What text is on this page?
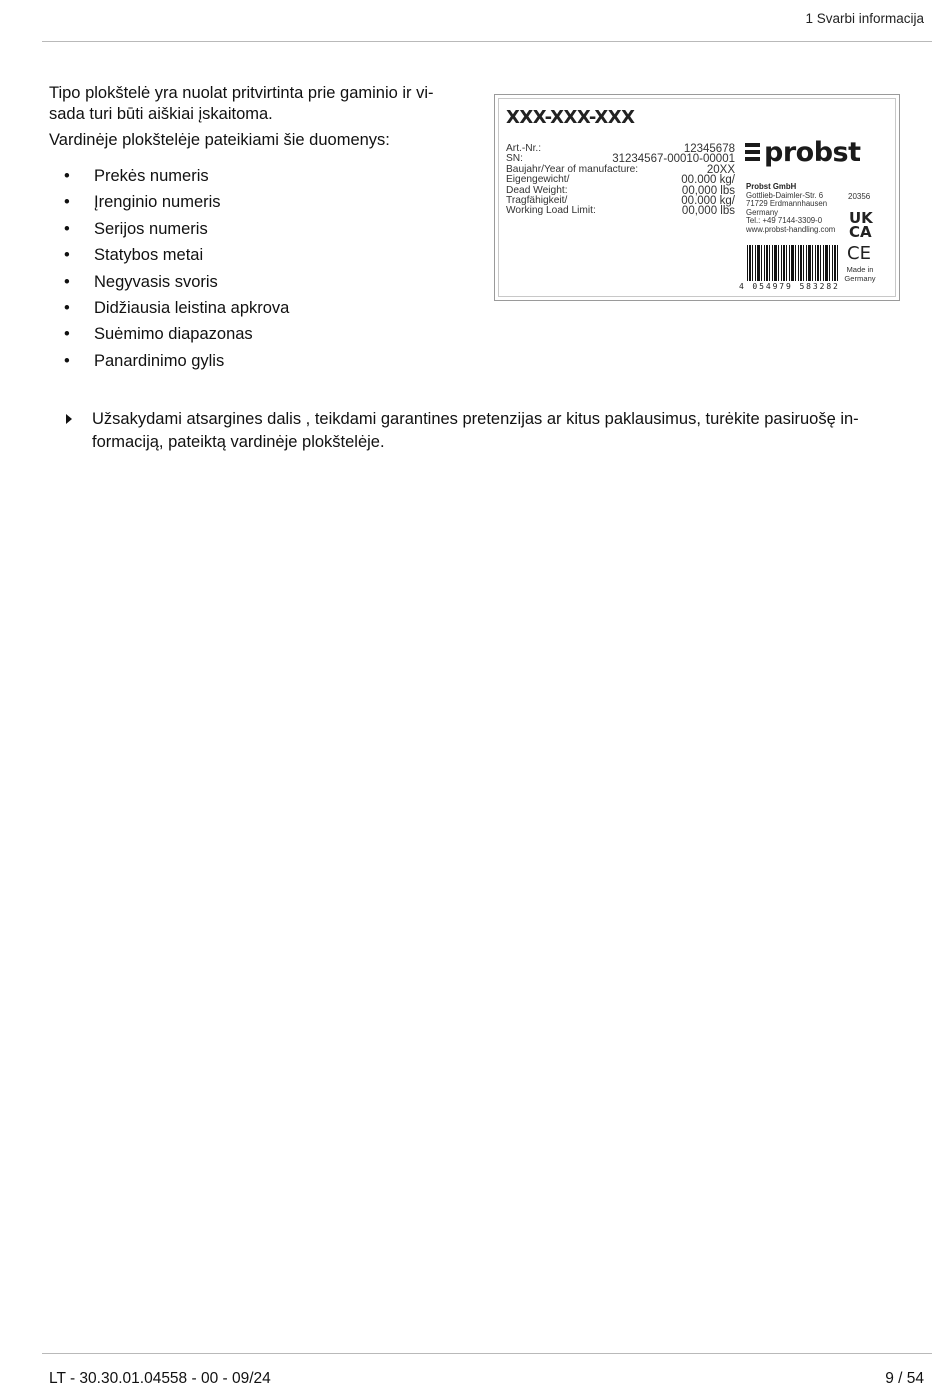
1 Svarbi informacija
Tipo plokštelė yra nuolat pritvirtinta prie gaminio ir vi-
sada turi būti aiškiai įskaitoma.
Vardinėje plokštelėje pateikiami šie duomenys:
• Prekės numeris
• Įrenginio numeris
• Serijos numeris
• Statybos metai
• Negyvasis svoris
• Didžiausia leistina apkrova
• Suėmimo diapazonas
• Panardinimo gylis
XXX-XXX-XXX
Art.-Nr.:	12345678
SN:	31234567-00010-00001
Baujahr/Year of manufacture:	20XX
Eigengewicht/	00.000 kg/
Dead Weight:	00,000 lbs
Tragfähigkeit/	00.000 kg/
Working Load Limit:	00,000 lbs
probst
Probst GmbH
Gottlieb-Daimler-Str. 6
71729 Erdmannhausen
Germany
Tel.: +49 7144-3309-0
www.probst-handling.com
20356
UK
CA
CE
Made in
Germany
4 054979 583282
Užsakydami atsargines dalis , teikdami garantines pretenzijas ar kitus paklausimus, turėkite pasiruošę in-
formaciją, pateiktą vardinėje plokštelėje.
LT - 30.30.01.04558 - 00 - 09/24	9 / 54
